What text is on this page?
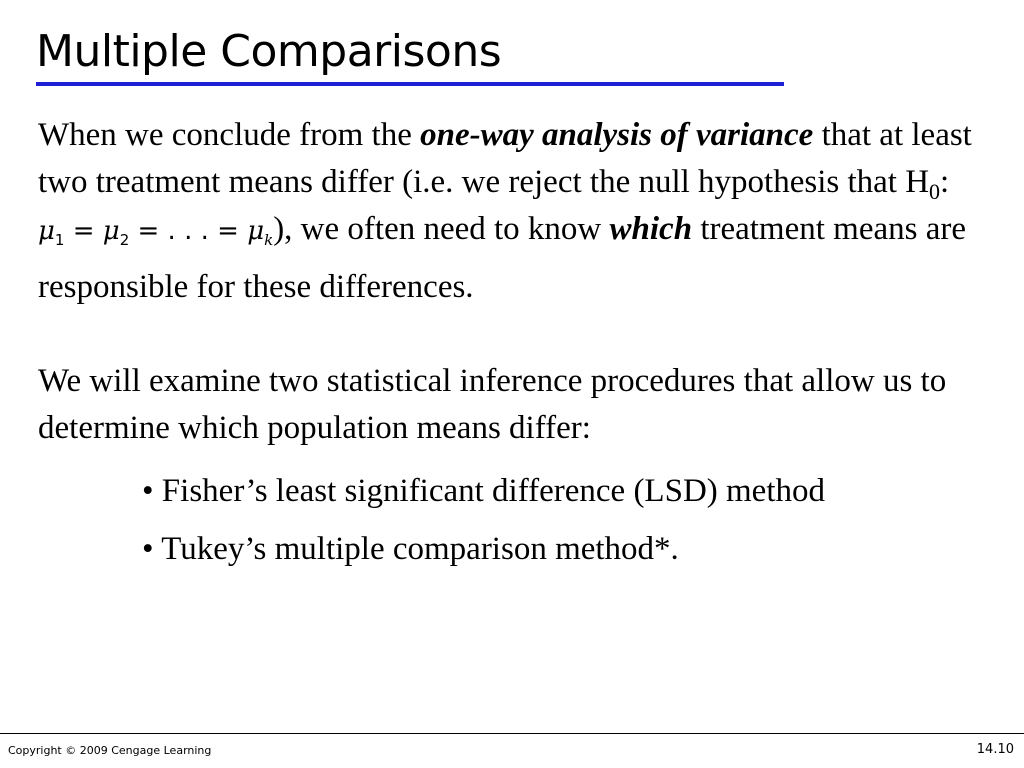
Multiple Comparisons

When we conclude from the one-way analysis of variance that at least two treatment means differ (i.e. we reject the null hypothesis that $H_0$: $\mu_1 = \mu_2$ = . . . = $\mu_k$), we often need to know which treatment means are responsible for these differences.

We will examine two statistical inference procedures that allow us to determine which population means differ:

• Fisher’s least significant difference (LSD) method

• Tukey’s multiple comparison method*.

Copyright © 2009 Cengage Learning	14.10
